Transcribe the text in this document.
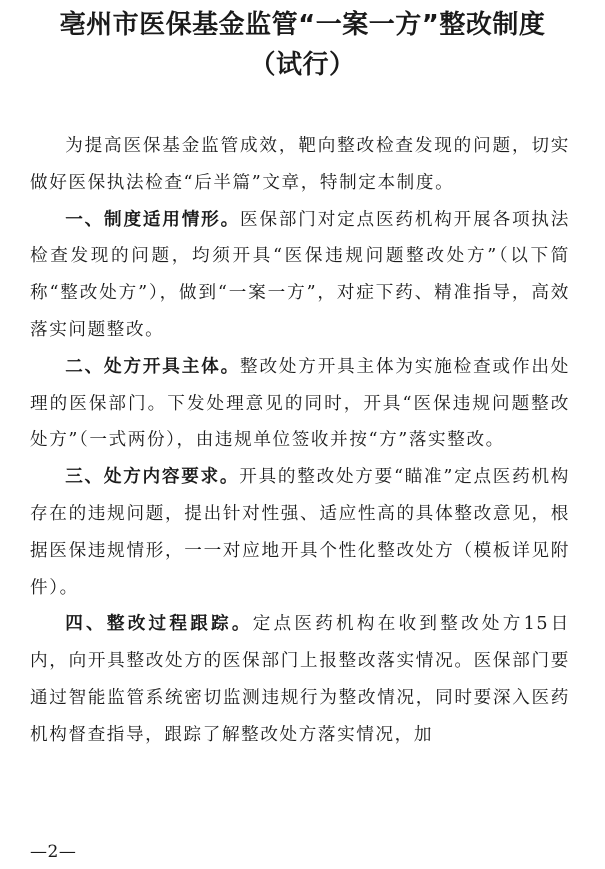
亳州市医保基金监管“一案一方”整改制度
（试行）

为提高医保基金监管成效，靶向整改检查发现的问题，切实做好医保执法检查“后半篇”文章，特制定本制度。

一、制度适用情形。医保部门对定点医药机构开展各项执法检查发现的问题，均须开具“医保违规问题整改处方”（以下简称“整改处方”），做到“一案一方”，对症下药、精准指导，高效落实问题整改。

二、处方开具主体。整改处方开具主体为实施检查或作出处理的医保部门。下发处理意见的同时，开具“医保违规问题整改处方”（一式两份），由违规单位签收并按“方”落实整改。

三、处方内容要求。开具的整改处方要“瞄准”定点医药机构存在的违规问题，提出针对性强、适应性高的具体整改意见，根据医保违规情形，一一对应地开具个性化整改处方（模板详见附件）。

四、整改过程跟踪。定点医药机构在收到整改处方15日内，向开具整改处方的医保部门上报整改落实情况。医保部门要通过智能监管系统密切监测违规行为整改情况，同时要深入医药机构督查指导，跟踪了解整改处方落实情况，加

—2—
